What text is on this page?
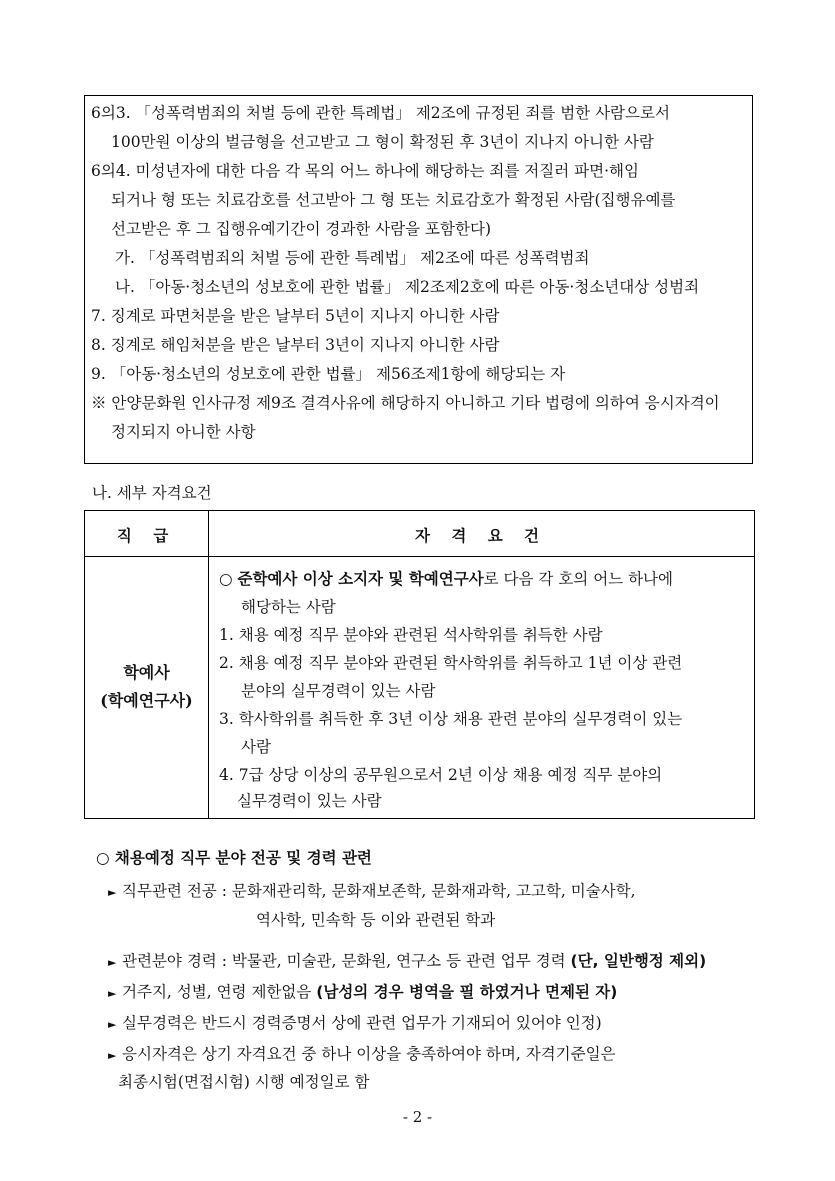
6의3. 「성폭력범죄의 처벌 등에 관한 특례법」 제2조에 규정된 죄를 범한 사람으로서
100만원 이상의 벌금형을 선고받고 그 형이 확정된 후 3년이 지나지 아니한 사람
6의4. 미성년자에 대한 다음 각 목의 어느 하나에 해당하는 죄를 저질러 파면·해임
되거나 형 또는 치료감호를 선고받아 그 형 또는 치료감호가 확정된 사람(집행유예를
선고받은 후 그 집행유예기간이 경과한 사람을 포함한다)
가. 「성폭력범죄의 처벌 등에 관한 특례법」 제2조에 따른 성폭력범죄
나. 「아동·청소년의 성보호에 관한 법률」 제2조제2호에 따른 아동·청소년대상 성범죄
7. 징계로 파면처분을 받은 날부터 5년이 지나지 아니한 사람
8. 징계로 해임처분을 받은 날부터 3년이 지나지 아니한 사람
9. 「아동·청소년의 성보호에 관한 법률」 제56조제1항에 해당되는 자
※ 안양문화원 인사규정 제9조 결격사유에 해당하지 아니하고 기타 법령에 의하여 응시자격이
정지되지 아니한 사항
나. 세부 자격요건
직 급	자 격 요 건
학예사
(학예연구사)
○ 준학예사 이상 소지자 및 학예연구사로 다음 각 호의 어느 하나에
해당하는 사람
1. 채용 예정 직무 분야와 관련된 석사학위를 취득한 사람
2. 채용 예정 직무 분야와 관련된 학사학위를 취득하고 1년 이상 관련
분야의 실무경력이 있는 사람
3. 학사학위를 취득한 후 3년 이상 채용 관련 분야의 실무경력이 있는
사람
4. 7급 상당 이상의 공무원으로서 2년 이상 채용 예정 직무 분야의
실무경력이 있는 사람
○ 채용예정 직무 분야 전공 및 경력 관련
► 직무관련 전공 : 문화재관리학, 문화재보존학, 문화재과학, 고고학, 미술사학,
역사학, 민속학 등 이와 관련된 학과
► 관련분야 경력 : 박물관, 미술관, 문화원, 연구소 등 관련 업무 경력 (단, 일반행정 제외)
► 거주지, 성별, 연령 제한없음 (남성의 경우 병역을 필 하였거나 면제된 자)
► 실무경력은 반드시 경력증명서 상에 관련 업무가 기재되어 있어야 인정)
► 응시자격은 상기 자격요건 중 하나 이상을 충족하여야 하며, 자격기준일은
최종시험(면접시험) 시행 예정일로 함
- 2 -
